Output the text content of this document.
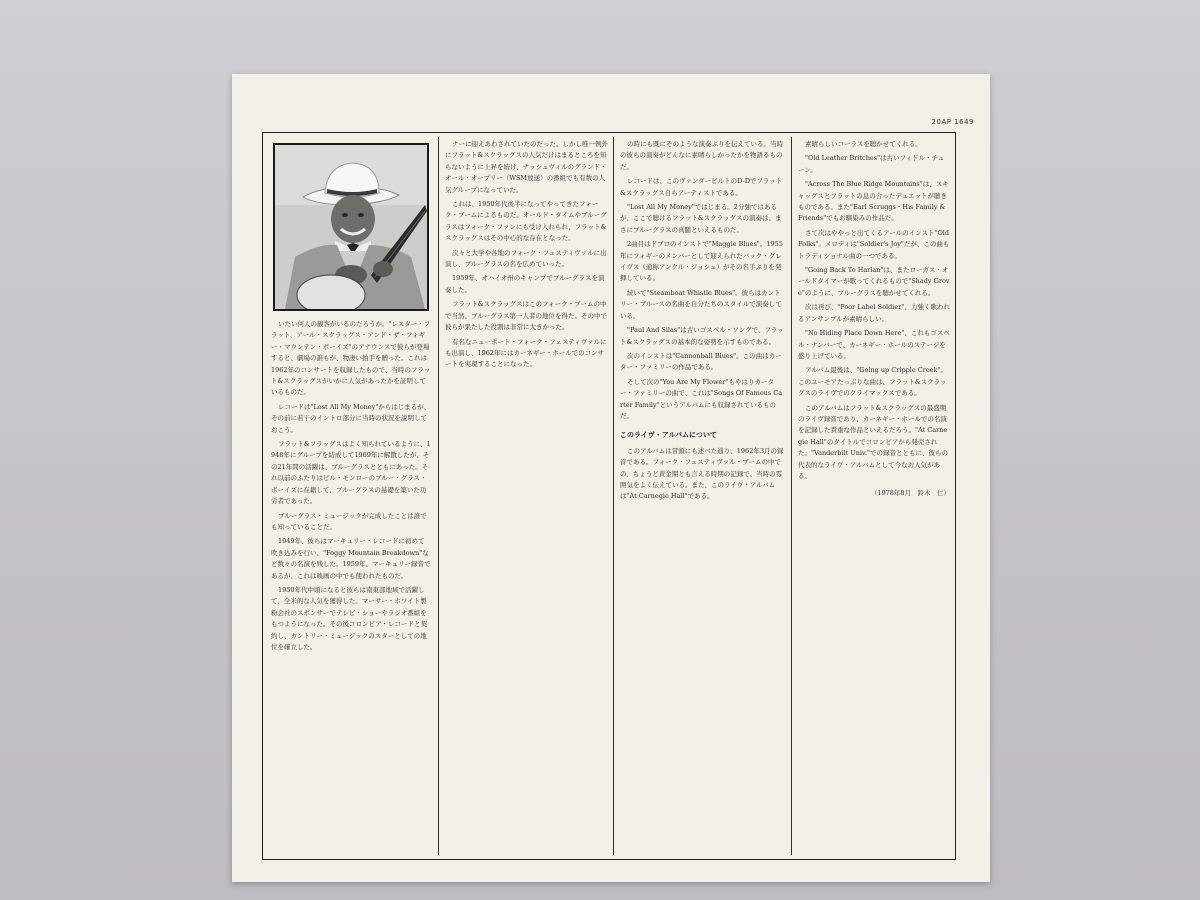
20AP 1649

いたい何人の観客がいるのだろうか。"レスター・フラット、アール・スクラッグス・アンド・ザ・フォギー・マウンテン・ボーイズ"のアナウンスで彼らが登場すると、劇場の誰もが、物凄い拍手を贈った。これは1962年のコンサートを収録したもので、当時のフラット&スクラッグスがいかに人気があったかを証明しているものだ。

レコードは"Lost All My Money"からはじまるが、その前に若干のイントロ部分に当時の状況を説明しておこう。

フラット&フラッグスはよく知られているように、1948年にグループを結成して1969年に解散したが、その21年間の活躍は、ブルーグラスとともにあった。それ以前のふたりはビル・モンローのブルー・グラス・ボーイズに在籍して、ブルーグラスの基礎を築いた功労者であった。

ブルーグラス・ミュージックが完成したことは誰でも知っていることだ。

1949年、彼らはマーキュリー・レコードに初めて吹き込みを行い、"Foggy Mountain Breakdown"など数々の名演を残した。1959年、マーキュリー録音であるが、これは映画の中でも使われたものだ。

1950年代中頃になると彼らは南東部地域で活躍して、全米的な人気を獲得した。マーサー・ホワイト製粉会社のスポンサーでテレビ・ショーやラジオ番組をもつようになった。その後コロンビア・レコードと契約し、カントリー・ミュージックのスターとしての地位を確立した。

ナーに迎えあわされていたのだった。しかし唯一例外にフラット&スクラッグスの人気だけはまるところを知らないように上昇を続け、ナッシュヴィルのグランド・オール・オープリー（WSM放送）の番組でも有数の人気グループになっていた。

これは、1950年代後半になってやってきたフォーク・ブームによるものだ。オールド・タイムやブルーグラスはフォーク・ファンにも受け入れられ、フラット&スクラッグスはその中心的な存在となった。

次々と大学や各地のフォーク・フェスティヴァルに出演し、ブルーグラスの名を広めていった。

1959年、オハイオ州のキャンプでブルーグラスを演奏した。

フラット&スクラッグスはこのフォーク・ブームの中で当然、ブルーグラス第一人者の地位を得た。その中で彼らが果たした役割は非常に大きかった。

有名なニューポート・フォーク・フェスティヴァルにも出演し、1962年にはカーネギー・ホールでのコンサートを実現することになった。

の時にも既にそのような演奏ぶりを伝えている。当時の彼らの演奏がどんなに素晴らしかったかを物語るものだ。

レコードは、このヴァンダービルトのD-Dでフラット&スクラッグス自らアーティストである。

"Lost All My Money"ではじまる。2分強ではあるが、ここで聴けるフラット&スクラッグスの演奏は、まさにブルーグラスの真髄といえるものだ。

2曲目はドブロのインストで"Maggie Blues"。1955年にフォギーのメンバーとして迎えられたバック・グレイヴス（通称アンクル・ジョシュ）がその名手ぶりを発揮している。

続いて"Steamboat Whistle Blues"。彼らはカントリー・ブルースの名曲を自分たちのスタイルで演奏している。

"Paul And Silas"は古いゴスペル・ソングで、フラット&スクラッグスの基本的な姿勢を示すものである。

次のインストは"Cannonball Blues"。この曲はカーター・ファミリーの作品である。

そして次の"You Are My Flower"もやはりカーター・ファミリーの曲で、これは"Songs Of Famous Carter Family"というアルバムにも収録されているものだ。

このライヴ・アルバムについて

このアルバムは冒頭にも述べた通り、1962年3月の録音である。フォーク・フェスティヴァル・ブームの中での、ちょうど黄金期とも言える時期の記録で、当時の雰囲気をよく伝えている。また、このライヴ・アルバムは"At Carnegie Hall"である。

素晴らしいコーラスを聴かせてくれる。

"Old Leather Britches"は古いフィドル・チューン。

"Across The Blue Ridge Mountains"は、スキャッグスとフラットの息の合ったデュエットが聴きものである。また"Earl Scruggs・His Family & Friends"でもお馴染みの作品だ。

さて次はややっと出てくるアールのインスト"Old Folks"。メロディは"Soldier's Joy"だが、この曲もトラディショナル曲の一つである。

"Going Back To Harlan"は、またローガス・オールドタイマーが歌ってくれるもので"Shady Grove"のように、ブルーグラスを聴かせてくれる。

次は再び、"Poor Label Soldier"、力強く歌われるアンサンブルが素晴らしい。

"No Hiding Place Down Here"、これもゴスペル・ナンバーで、カーネギー・ホールのステージを盛り上げている。

アルバム最後は、"Going up Cripple Creek"。このユーモアたっぷりな曲は、フラット&スクラッグスのライヴでのクライマックスである。

このアルバムはフラット&スクラッグスの最盛期のライヴ録音であり、カーネギー・ホールでの名演を記録した貴重な作品といえるだろう。"At Carnegie Hall"のタイトルでコロンビアから発売された。"Vanderbilt Univ."での録音とともに、彼らの代表的なライヴ・アルバムとして今なお人気がある。

（1978年8月　鈴木　仁）
